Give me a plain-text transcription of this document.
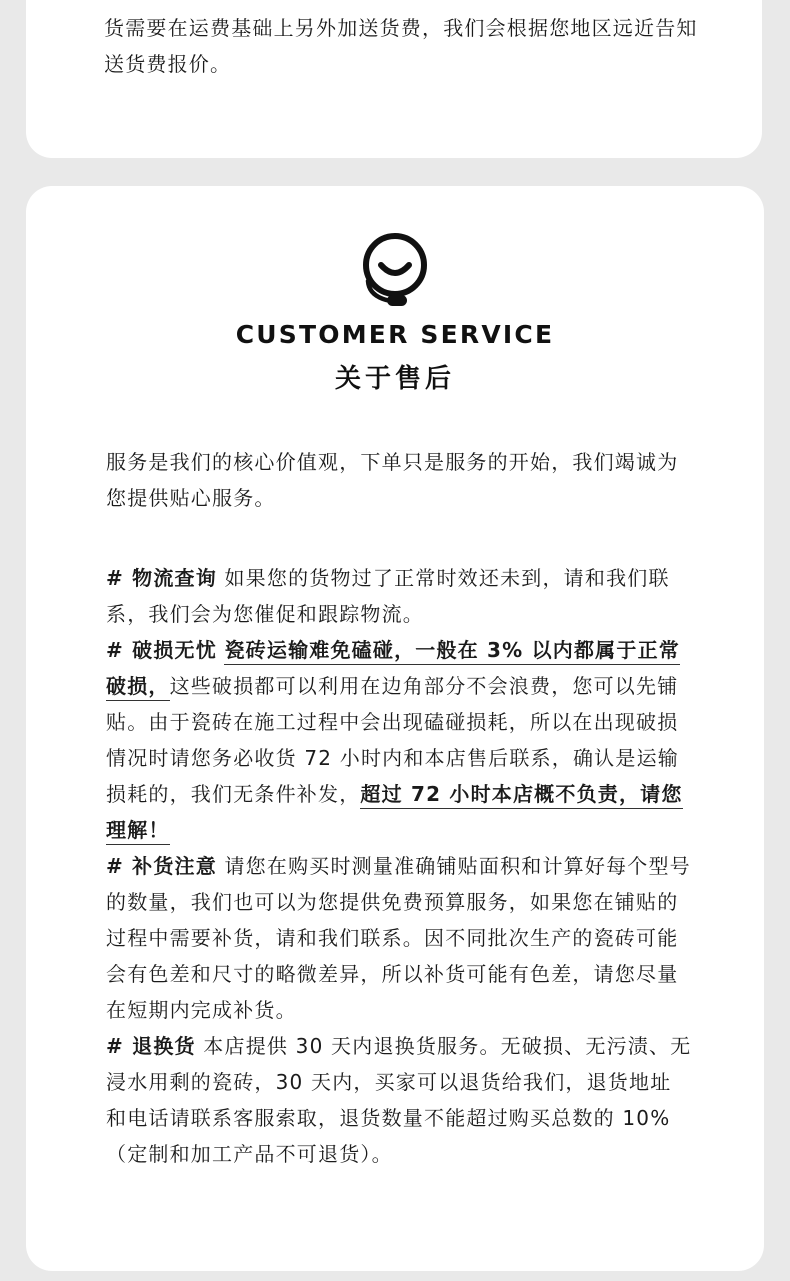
货需要在运费基础上另外加送货费，我们会根据您地区远近告知送货费报价。

CUSTOMER SERVICE
关于售后

服务是我们的核心价值观，下单只是服务的开始，我们竭诚为您提供贴心服务。

# 物流查询 如果您的货物过了正常时效还未到，请和我们联系，我们会为您催促和跟踪物流。

# 破损无忧 瓷砖运输难免磕碰，一般在 3% 以内都属于正常破损，这些破损都可以利用在边角部分不会浪费，您可以先铺贴。由于瓷砖在施工过程中会出现磕碰损耗，所以在出现破损情况时请您务必收货 72 小时内和本店售后联系，确认是运输损耗的，我们无条件补发，超过 72 小时本店概不负责，请您理解！

# 补货注意 请您在购买时测量准确铺贴面积和计算好每个型号的数量，我们也可以为您提供免费预算服务，如果您在铺贴的过程中需要补货，请和我们联系。因不同批次生产的瓷砖可能会有色差和尺寸的略微差异，所以补货可能有色差，请您尽量在短期内完成补货。

# 退换货 本店提供 30 天内退换货服务。无破损、无污渍、无浸水用剩的瓷砖，30 天内，买家可以退货给我们，退货地址和电话请联系客服索取，退货数量不能超过购买总数的 10%（定制和加工产品不可退货）。
